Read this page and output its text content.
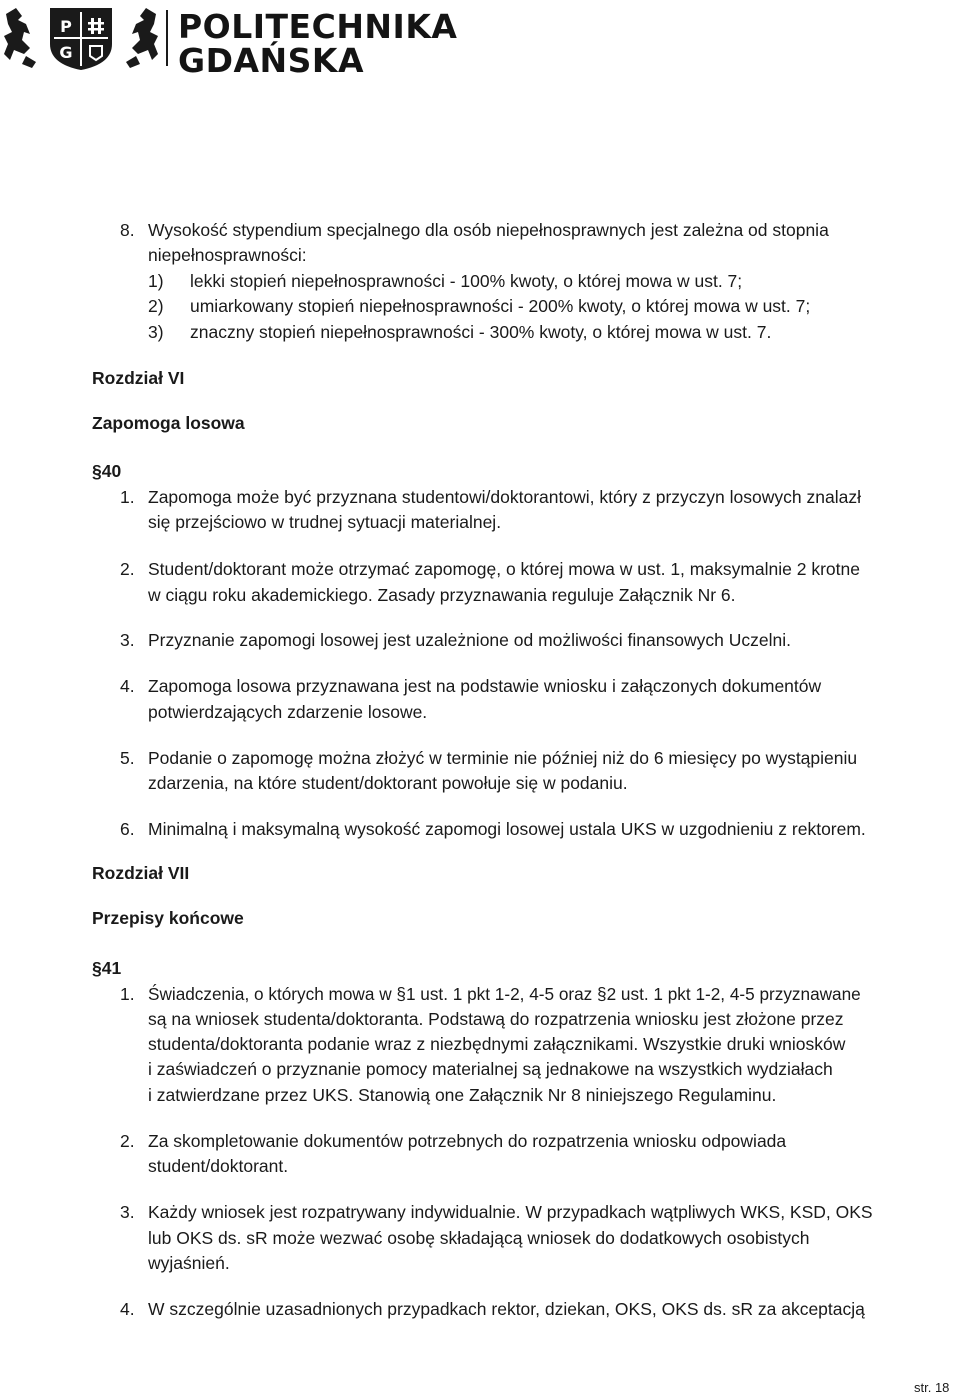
P
G
POLITECHNIKA
GDAŃSKA
8. Wysokość stypendium specjalnego dla osób niepełnosprawnych jest zależna od stopnia
niepełnosprawności:
1) lekki stopień niepełnosprawności - 100% kwoty, o której mowa w ust. 7;
2) umiarkowany stopień niepełnosprawności - 200% kwoty, o której mowa w ust. 7;
3) znaczny stopień niepełnosprawności - 300% kwoty, o której mowa w ust. 7.
Rozdział VI
Zapomoga losowa
§40
1. Zapomoga może być przyznana studentowi/doktorantowi, który z przyczyn losowych znalazł
się przejściowo w trudnej sytuacji materialnej.
2. Student/doktorant może otrzymać zapomogę, o której mowa w ust. 1, maksymalnie 2 krotne
w ciągu roku akademickiego. Zasady przyznawania reguluje Załącznik Nr 6.
3. Przyznanie zapomogi losowej jest uzależnione od możliwości finansowych Uczelni.
4. Zapomoga losowa przyznawana jest na podstawie wniosku i załączonych dokumentów
potwierdzających zdarzenie losowe.
5. Podanie o zapomogę można złożyć w terminie nie później niż do 6 miesięcy po wystąpieniu
zdarzenia, na które student/doktorant powołuje się w podaniu.
6. Minimalną i maksymalną wysokość zapomogi losowej ustala UKS w uzgodnieniu z rektorem.
Rozdział VII
Przepisy końcowe
§41
1. Świadczenia, o których mowa w §1 ust. 1 pkt 1-2, 4-5 oraz §2 ust. 1 pkt 1-2, 4-5 przyznawane
są na wniosek studenta/doktoranta. Podstawą do rozpatrzenia wniosku jest złożone przez
studenta/doktoranta podanie wraz z niezbędnymi załącznikami. Wszystkie druki wniosków
i zaświadczeń o przyznanie pomocy materialnej są jednakowe na wszystkich wydziałach
i zatwierdzane przez UKS. Stanowią one Załącznik Nr 8 niniejszego Regulaminu.
2. Za skompletowanie dokumentów potrzebnych do rozpatrzenia wniosku odpowiada
student/doktorant.
3. Każdy wniosek jest rozpatrywany indywidualnie. W przypadkach wątpliwych WKS, KSD, OKS
lub OKS ds. sR może wezwać osobę składającą wniosek do dodatkowych osobistych
wyjaśnień.
4. W szczególnie uzasadnionych przypadkach rektor, dziekan, OKS, OKS ds. sR za akceptacją
str. 18
